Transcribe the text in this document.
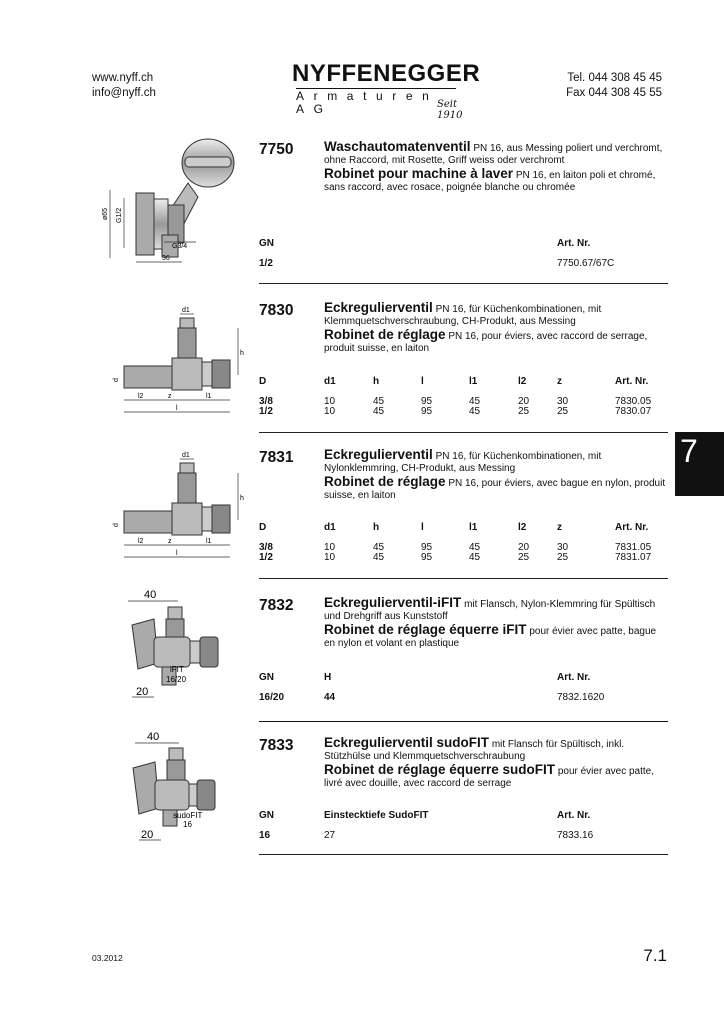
www.nyff.ch
info@nyff.ch
NYFFENEGGER
Armaturen AG	Seit 1910
Tel. 044 308 45 45
Fax 044 308 45 55
7
ø65 G1/2
G3/4
36
7750 Waschautomatenventil PN 16, aus Messing poliert und verchromt, ohne Raccord, mit Rosette, Griff weiss oder verchromt

Robinet pour machine à laver PN 16, en laiton poli et chromé, sans raccord, avec rosace, poignée blanche ou chromée

GN	Art. Nr.
1/2	7750.67/67C
d1
h
d
l2	z	l1
l
7830 Eckregulierventil PN 16, für Küchenkombinationen, mit Klemmquetschverschraubung, CH-Produkt, aus Messing

Robinet de réglage PN 16, pour éviers, avec raccord de serrage, produit suisse, en laiton

D	d1	h	l	l1	l2	z	Art. Nr.
3/8	10	45	95	45	20	30	7830.05
1/2	10	45	95	45	25	25	7830.07
d1
h
d
l2	z	l1
l
7831 Eckregulierventil PN 16, für Küchenkombinationen, mit Nylonklemmring, CH-Produkt, aus Messing

Robinet de réglage PN 16, pour éviers, avec bague en nylon, produit suisse, en laiton

D	d1	h	l	l1	l2	z	Art. Nr.
3/8	10	45	95	45	20	30	7831.05
1/2	10	45	95	45	25	25	7831.07
40
iFIT
16/20
20
7832 Eckregulierventil-iFIT mit Flansch, Nylon-Klemmring für Spültisch und Drehgriff aus Kunststoff

Robinet de réglage équerre iFIT pour évier avec patte, bague en nylon et volant en plastique

GN	H	Art. Nr.
16/20	44	7832.1620
40
sudoFIT
16
20
7833 Eckregulierventil sudoFIT mit Flansch für Spültisch, inkl. Stützhülse und Klemmquetschverschraubung

Robinet de réglage équerre sudoFIT pour évier avec patte, livré avec douille, avec raccord de serrage

GN	Einstecktiefe SudoFIT	Art. Nr.
16	27	7833.16
03.2012	7.1
